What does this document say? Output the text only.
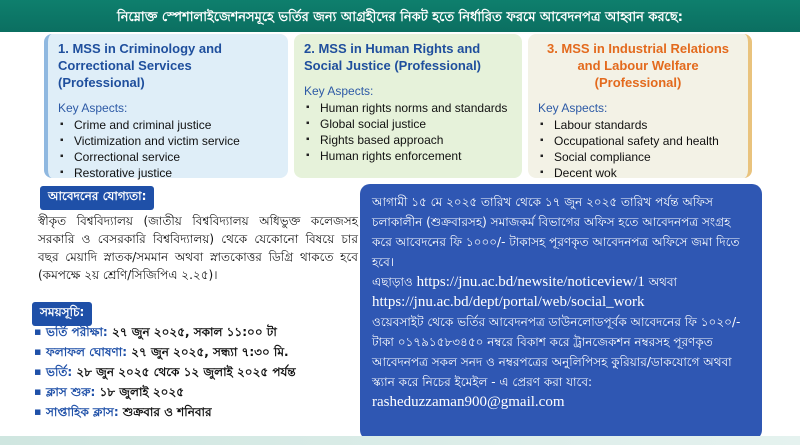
নিম্নোক্ত স্পেশালাইজেশনসমূহে ভর্তির জন্য আগ্রহীদের নিকট হতে নির্ধারিত ফরমে আবেদনপত্র আহ্বান করছে:

1. MSS in Criminology and Correctional Services (Professional)

Key Aspects:
▪ Crime and criminal justice
▪ Victimization and victim service
▪ Correctional service
▪ Restorative justice

2. MSS in Human Rights and Social Justice (Professional)

Key Aspects:
▪ Human rights norms and standards
▪ Global social justice
▪ Rights based approach
▪ Human rights enforcement

3. MSS in Industrial Relations and Labour Welfare (Professional)

Key Aspects:
▪ Labour standards
▪ Occupational safety and health
▪ Social compliance
▪ Decent wok
আবেদনের যোগ্যতা:
স্বীকৃত বিশ্ববিদ্যালয় (জাতীয় বিশ্ববিদ্যালয় অধিভুক্ত কলেজসহ সরকারি ও বেসরকারি বিশ্ববিদ্যালয়) থেকে যেকোনো বিষয়ে চার বছর মেয়াদি স্নাতক/সমমান অথবা স্নাতকোত্তর ডিগ্রি থাকতে হবে (কমপক্ষে ২য় শ্রেণি/সিজিপিএ ২.২৫)।
সময়সূচি:
▪ ভর্তি পরীক্ষা: ২৭ জুন ২০২৫, সকাল ১১:০০ টা
▪ ফলাফল ঘোষণা: ২৭ জুন ২০২৫, সন্ধ্যা ৭:৩০ মি.
▪ ভর্তি: ২৮ জুন ২০২৫ থেকে ১২ জুলাই ২০২৫ পর্যন্ত
▪ ক্লাস শুরু: ১৮ জুলাই ২০২৫
▪ সাপ্তাহিক ক্লাস: শুক্রবার ও শনিবার

আগামী ১৫ মে ২০২৫ তারিখ থেকে ১৭ জুন ২০২৫ তারিখ পর্যন্ত অফিস চলাকালীন (শুক্রবারসহ) সমাজকর্ম বিভাগের অফিস হতে আবেদনপত্র সংগ্রহ করে আবেদনের ফি ১০০০/- টাকাসহ পূরণকৃত আবেদনপত্র অফিসে জমা দিতে হবে।

এছাড়াও https://jnu.ac.bd/newsite/noticeview/1 অথবা https://jnu.ac.bd/dept/portal/web/social_work

ওয়েবসাইট থেকে ভর্তির আবেদনপত্র ডাউনলোডপূর্বক আবেদনের ফি ১০২০/- টাকা ০১৭৯১৫৮৩৪৫০ নম্বরে বিকাশ করে ট্রানজেকশন নম্বরসহ পূরণকৃত আবেদনপত্র সকল সনদ ও নম্বরপত্রের অনুলিপিসহ কুরিয়ার/ডাকযোগে অথবা স্ক্যান করে নিচের ইমেইল - এ প্রেরণ করা যাবে:

rasheduzzaman900@gmail.com
